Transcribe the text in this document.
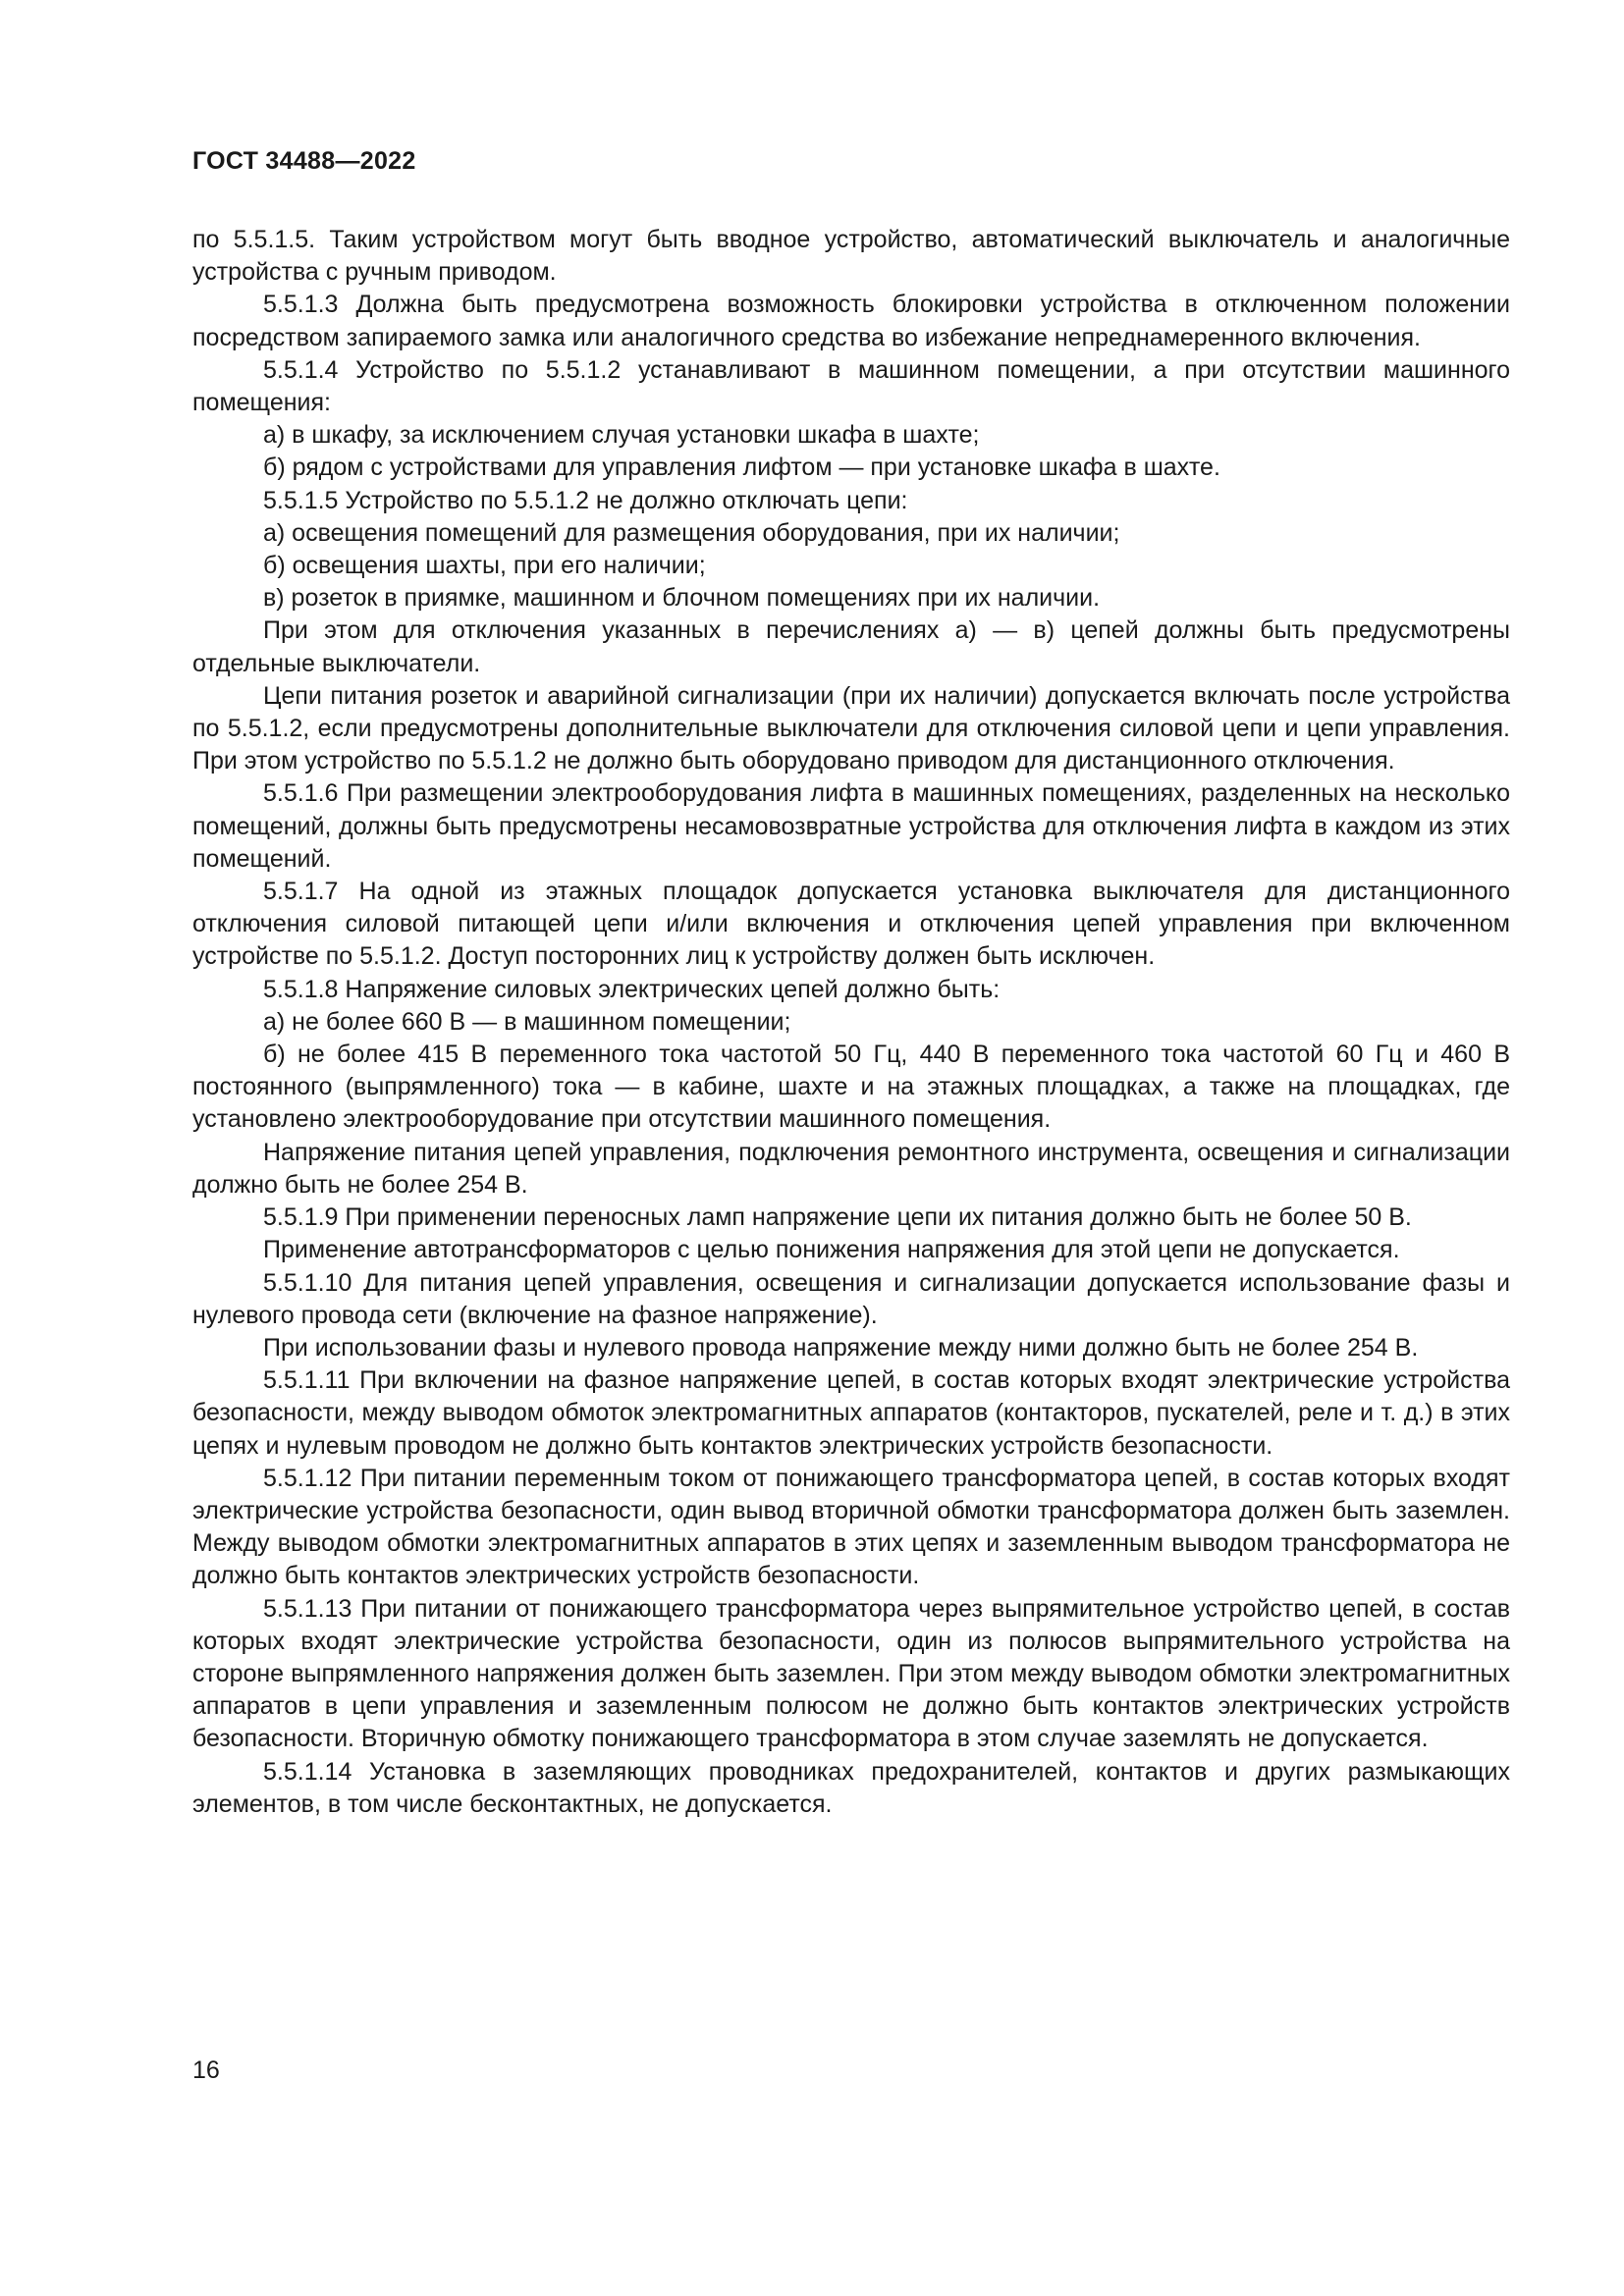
ГОСТ 34488—2022

по 5.5.1.5. Таким устройством могут быть вводное устройство, автоматический выключатель и аналогичные устройства с ручным приводом.

5.5.1.3 Должна быть предусмотрена возможность блокировки устройства в отключенном положении посредством запираемого замка или аналогичного средства во избежание непреднамеренного включения.

5.5.1.4 Устройство по 5.5.1.2 устанавливают в машинном помещении, а при отсутствии машинного помещения:

а) в шкафу, за исключением случая установки шкафа в шахте;

б) рядом с устройствами для управления лифтом — при установке шкафа в шахте.

5.5.1.5 Устройство по 5.5.1.2 не должно отключать цепи:

а) освещения помещений для размещения оборудования, при их наличии;

б) освещения шахты, при его наличии;

в) розеток в приямке, машинном и блочном помещениях при их наличии.

При этом для отключения указанных в перечислениях а) — в) цепей должны быть предусмотрены отдельные выключатели.

Цепи питания розеток и аварийной сигнализации (при их наличии) допускается включать после устройства по 5.5.1.2, если предусмотрены дополнительные выключатели для отключения силовой цепи и цепи управления. При этом устройство по 5.5.1.2 не должно быть оборудовано приводом для дистанционного отключения.

5.5.1.6 При размещении электрооборудования лифта в машинных помещениях, разделенных на несколько помещений, должны быть предусмотрены несамовозвратные устройства для отключения лифта в каждом из этих помещений.

5.5.1.7 На одной из этажных площадок допускается установка выключателя для дистанционного отключения силовой питающей цепи и/или включения и отключения цепей управления при включенном устройстве по 5.5.1.2. Доступ посторонних лиц к устройству должен быть исключен.

5.5.1.8 Напряжение силовых электрических цепей должно быть:

а) не более 660 В — в машинном помещении;

б) не более 415 В переменного тока частотой 50 Гц, 440 В переменного тока частотой 60 Гц и 460 В постоянного (выпрямленного) тока — в кабине, шахте и на этажных площадках, а также на площадках, где установлено электрооборудование при отсутствии машинного помещения.

Напряжение питания цепей управления, подключения ремонтного инструмента, освещения и сигнализации должно быть не более 254 В.

5.5.1.9 При применении переносных ламп напряжение цепи их питания должно быть не более 50 В.

Применение автотрансформаторов с целью понижения напряжения для этой цепи не допускается.

5.5.1.10 Для питания цепей управления, освещения и сигнализации допускается использование фазы и нулевого провода сети (включение на фазное напряжение).

При использовании фазы и нулевого провода напряжение между ними должно быть не более 254 В.

5.5.1.11 При включении на фазное напряжение цепей, в состав которых входят электрические устройства безопасности, между выводом обмоток электромагнитных аппаратов (контакторов, пускателей, реле и т. д.) в этих цепях и нулевым проводом не должно быть контактов электрических устройств безопасности.

5.5.1.12 При питании переменным током от понижающего трансформатора цепей, в состав которых входят электрические устройства безопасности, один вывод вторичной обмотки трансформатора должен быть заземлен. Между выводом обмотки электромагнитных аппаратов в этих цепях и заземленным выводом трансформатора не должно быть контактов электрических устройств безопасности.

5.5.1.13 При питании от понижающего трансформатора через выпрямительное устройство цепей, в состав которых входят электрические устройства безопасности, один из полюсов выпрямительного устройства на стороне выпрямленного напряжения должен быть заземлен. При этом между выводом обмотки электромагнитных аппаратов в цепи управления и заземленным полюсом не должно быть контактов электрических устройств безопасности. Вторичную обмотку понижающего трансформатора в этом случае заземлять не допускается.

5.5.1.14 Установка в заземляющих проводниках предохранителей, контактов и других размыкающих элементов, в том числе бесконтактных, не допускается.

16
